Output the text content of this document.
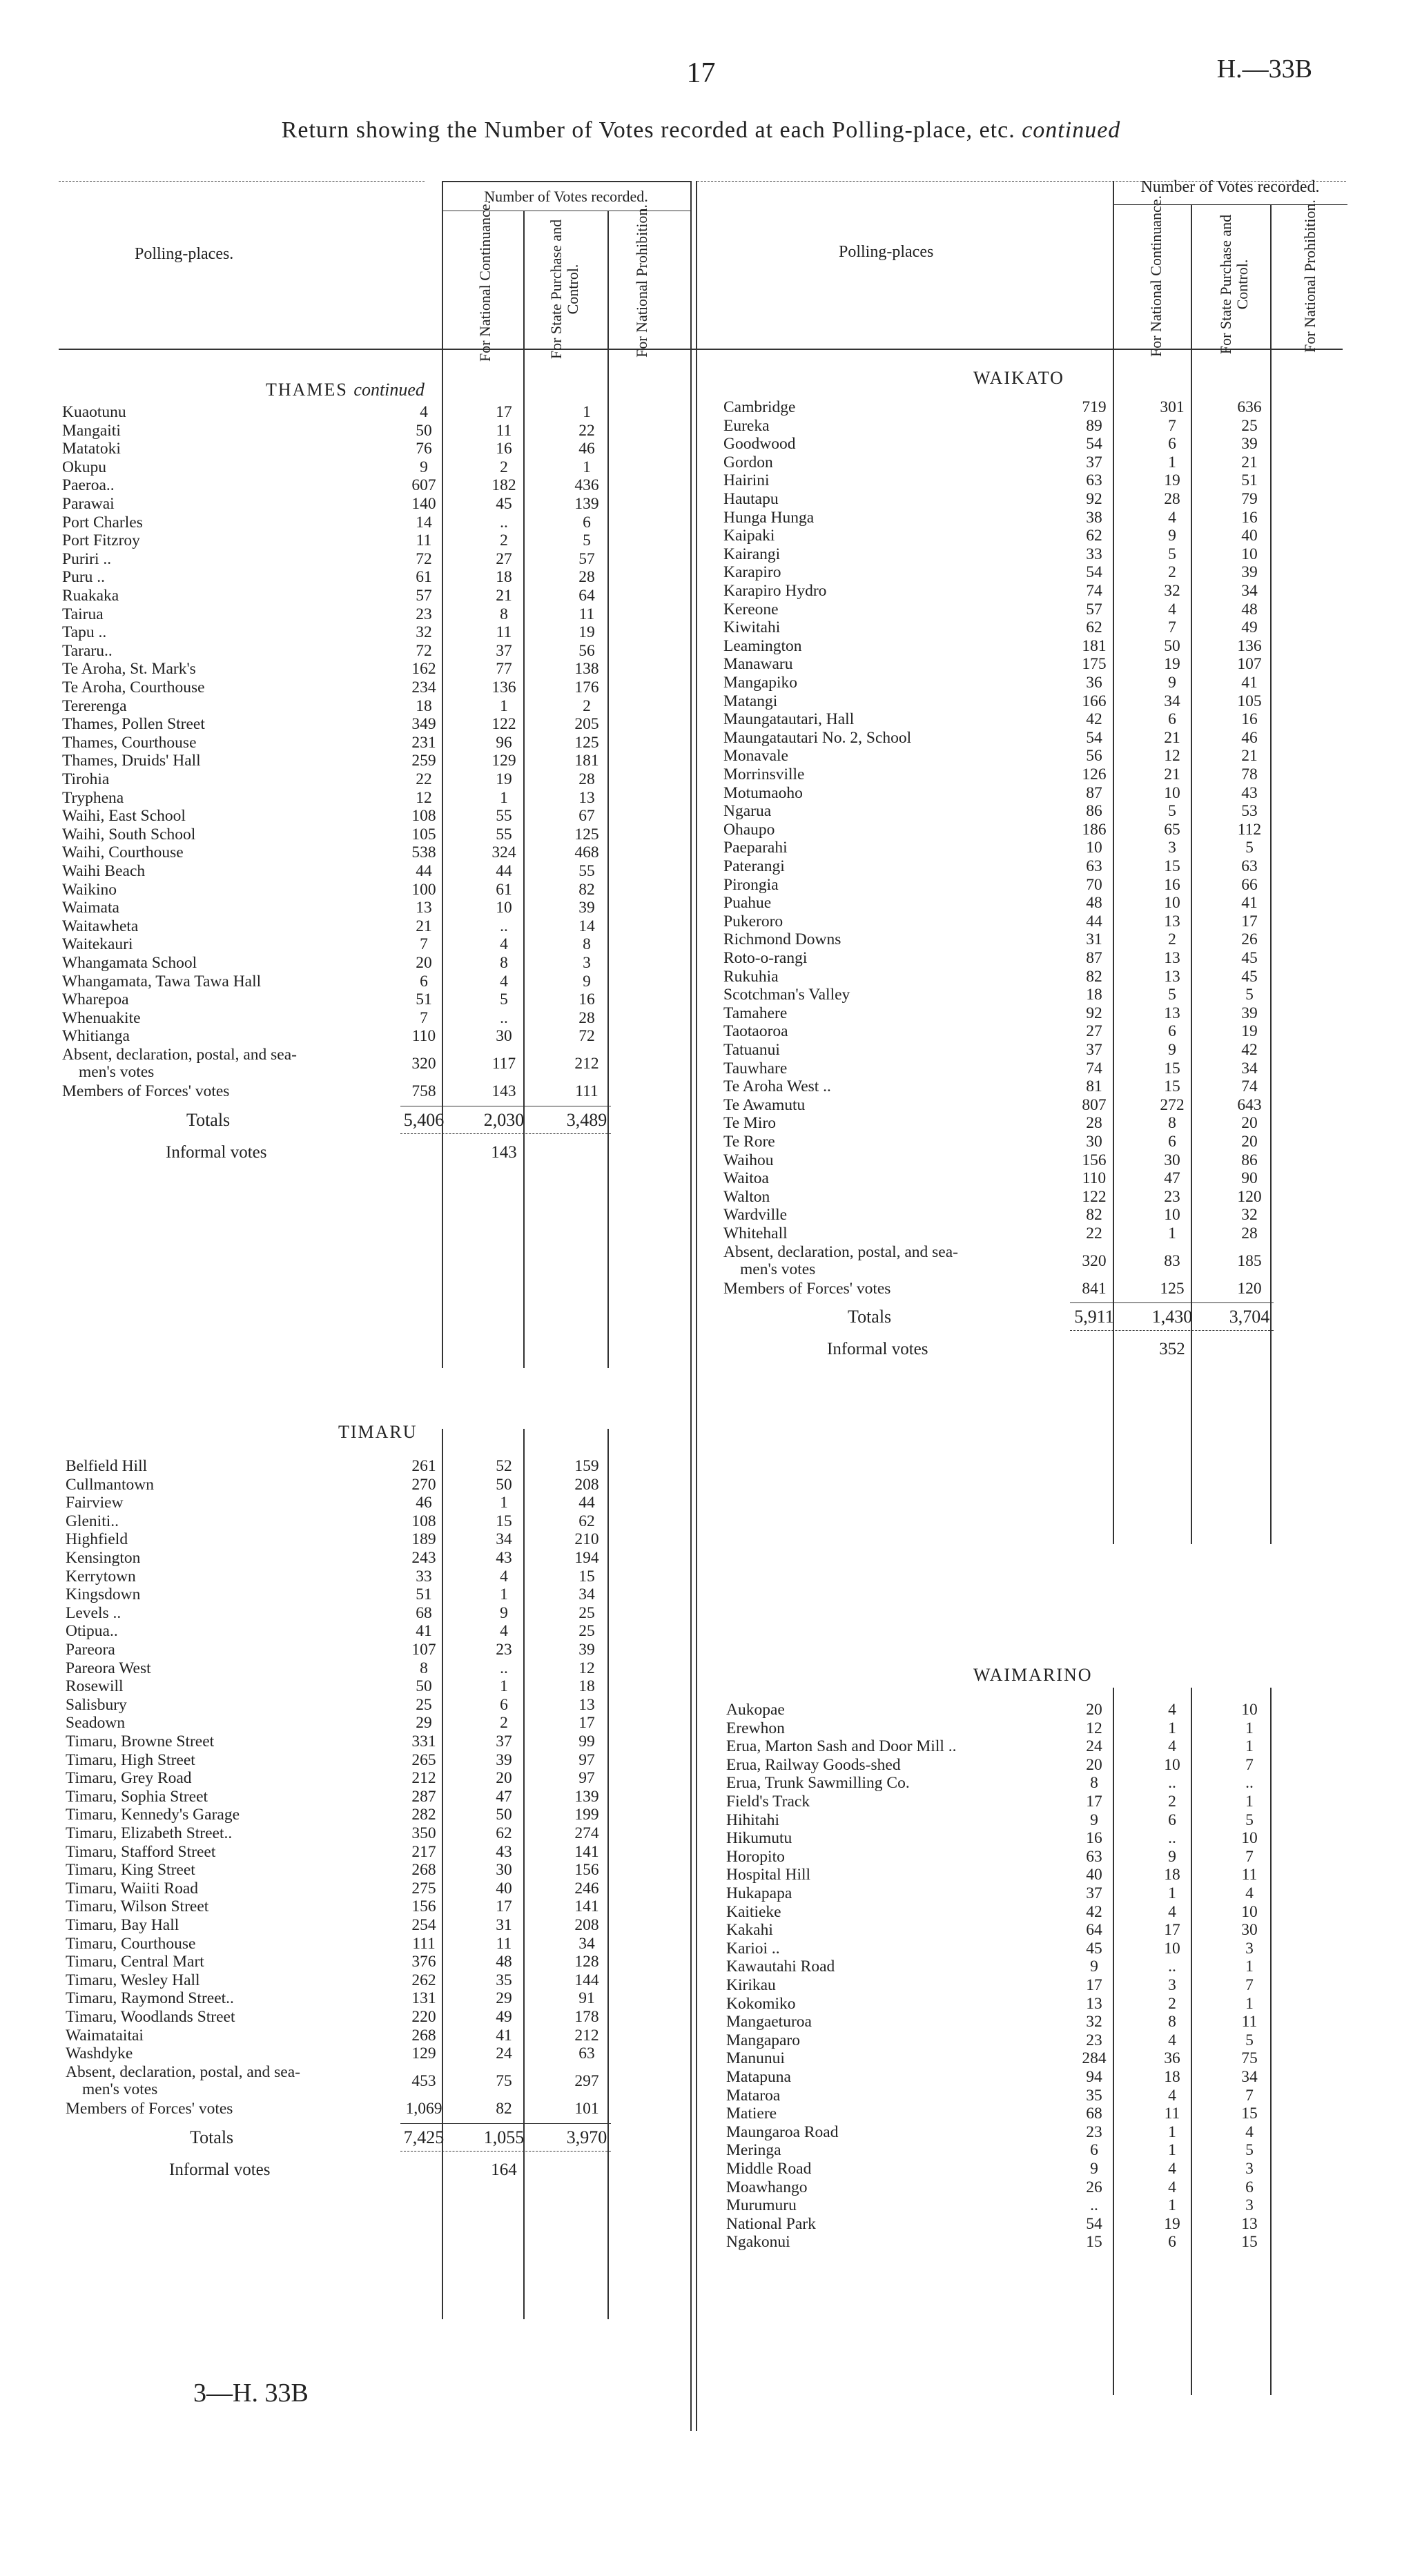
17	H.—33B
Return showing the Number of Votes recorded at each Polling-place, etc. continued
Polling-places.	Polling-places
Number of Votes recorded.
Number of Votes recorded.
For National Continuance.	For State Purchase and Control.	For National Prohibition.	For National Continuance.	For State Purchase and Control.	For National Prohibition.
THAMES continued
TIMARU
WAIKATO
WAIMARINO
Kuaotunu	4	17	1
Mangaiti	50	11	22
Matatoki	76	16	46
Okupu	9	2	1
Paeroa..	607	182	436
Parawai	140	45	139
Port Charles	14	..	6
Port Fitzroy	11	2	5
Puriri ..	72	27	57
Puru ..	61	18	28
Ruakaka	57	21	64
Tairua	23	8	11
Tapu ..	32	11	19
Tararu..	72	37	56
Te Aroha, St. Mark's	162	77	138
Te Aroha, Courthouse	234	136	176
Tererenga	18	1	2
Thames, Pollen Street	349	122	205
Thames, Courthouse	231	96	125
Thames, Druids' Hall	259	129	181
Tirohia	22	19	28
Tryphena	12	1	13
Waihi, East School	108	55	67
Waihi, South School	105	55	125
Waihi, Courthouse	538	324	468
Waihi Beach	44	44	55
Waikino	100	61	82
Waimata	13	10	39
Waitawheta	21	..	14
Waitekauri	7	4	8
Whangamata School	20	8	3
Whangamata, Tawa Tawa Hall	6	4	9
Wharepoa	51	5	16
Whenuakite	7	..	28
Whitianga	110	30	72
Absent, declaration, postal, and sea-
men's votes	320	117	212
Members of Forces' votes	758	143	111
Totals	5,406	2,030	3,489
Informal votes	143
Belfield Hill	261	52	159
Cullmantown	270	50	208
Fairview	46	1	44
Gleniti..	108	15	62
Highfield	189	34	210
Kensington	243	43	194
Kerrytown	33	4	15
Kingsdown	51	1	34
Levels ..	68	9	25
Otipua..	41	4	25
Pareora	107	23	39
Pareora West	8	..	12
Rosewill	50	1	18
Salisbury	25	6	13
Seadown	29	2	17
Timaru, Browne Street	331	37	99
Timaru, High Street	265	39	97
Timaru, Grey Road	212	20	97
Timaru, Sophia Street	287	47	139
Timaru, Kennedy's Garage	282	50	199
Timaru, Elizabeth Street..	350	62	274
Timaru, Stafford Street	217	43	141
Timaru, King Street	268	30	156
Timaru, Waiiti Road	275	40	246
Timaru, Wilson Street	156	17	141
Timaru, Bay Hall	254	31	208
Timaru, Courthouse	111	11	34
Timaru, Central Mart	376	48	128
Timaru, Wesley Hall	262	35	144
Timaru, Raymond Street..	131	29	91
Timaru, Woodlands Street	220	49	178
Waimataitai	268	41	212
Washdyke	129	24	63
Absent, declaration, postal, and sea-
men's votes	453	75	297
Members of Forces' votes	1,069	82	101
Totals	7,425	1,055	3,970
Informal votes	164
Cambridge	719	301	636
Eureka	89	7	25
Goodwood	54	6	39
Gordon	37	1	21
Hairini	63	19	51
Hautapu	92	28	79
Hunga Hunga	38	4	16
Kaipaki	62	9	40
Kairangi	33	5	10
Karapiro	54	2	39
Karapiro Hydro	74	32	34
Kereone	57	4	48
Kiwitahi	62	7	49
Leamington	181	50	136
Manawaru	175	19	107
Mangapiko	36	9	41
Matangi	166	34	105
Maungatautari, Hall	42	6	16
Maungatautari No. 2, School	54	21	46
Monavale	56	12	21
Morrinsville	126	21	78
Motumaoho	87	10	43
Ngarua	86	5	53
Ohaupo	186	65	112
Paeparahi	10	3	5
Paterangi	63	15	63
Pirongia	70	16	66
Puahue	48	10	41
Pukeroro	44	13	17
Richmond Downs	31	2	26
Roto-o-rangi	87	13	45
Rukuhia	82	13	45
Scotchman's Valley	18	5	5
Tamahere	92	13	39
Taotaoroa	27	6	19
Tatuanui	37	9	42
Tauwhare	74	15	34
Te Aroha West ..	81	15	74
Te Awamutu	807	272	643
Te Miro	28	8	20
Te Rore	30	6	20
Waihou	156	30	86
Waitoa	110	47	90
Walton	122	23	120
Wardville	82	10	32
Whitehall	22	1	28
Absent, declaration, postal, and sea-
men's votes	320	83	185
Members of Forces' votes	841	125	120
Totals	5,911	1,430	3,704
Informal votes	352
Aukopae	20	4	10
Erewhon	12	1	1
Erua, Marton Sash and Door Mill ..	24	4	1
Erua, Railway Goods-shed	20	10	7
Erua, Trunk Sawmilling Co.	8	..	..
Field's Track	17	2	1
Hihitahi	9	6	5
Hikumutu	16	..	10
Horopito	63	9	7
Hospital Hill	40	18	11
Hukapapa	37	1	4
Kaitieke	42	4	10
Kakahi	64	17	30
Karioi ..	45	10	3
Kawautahi Road	9	..	1
Kirikau	17	3	7
Kokomiko	13	2	1
Mangaeturoa	32	8	11
Mangaparo	23	4	5
Manunui	284	36	75
Matapuna	94	18	34
Mataroa	35	4	7
Matiere	68	11	15
Maungaroa Road	23	1	4
Meringa	6	1	5
Middle Road	9	4	3
Moawhango	26	4	6
Murumuru	..	1	3
National Park	54	19	13
Ngakonui	15	6	15
3—H. 33B
